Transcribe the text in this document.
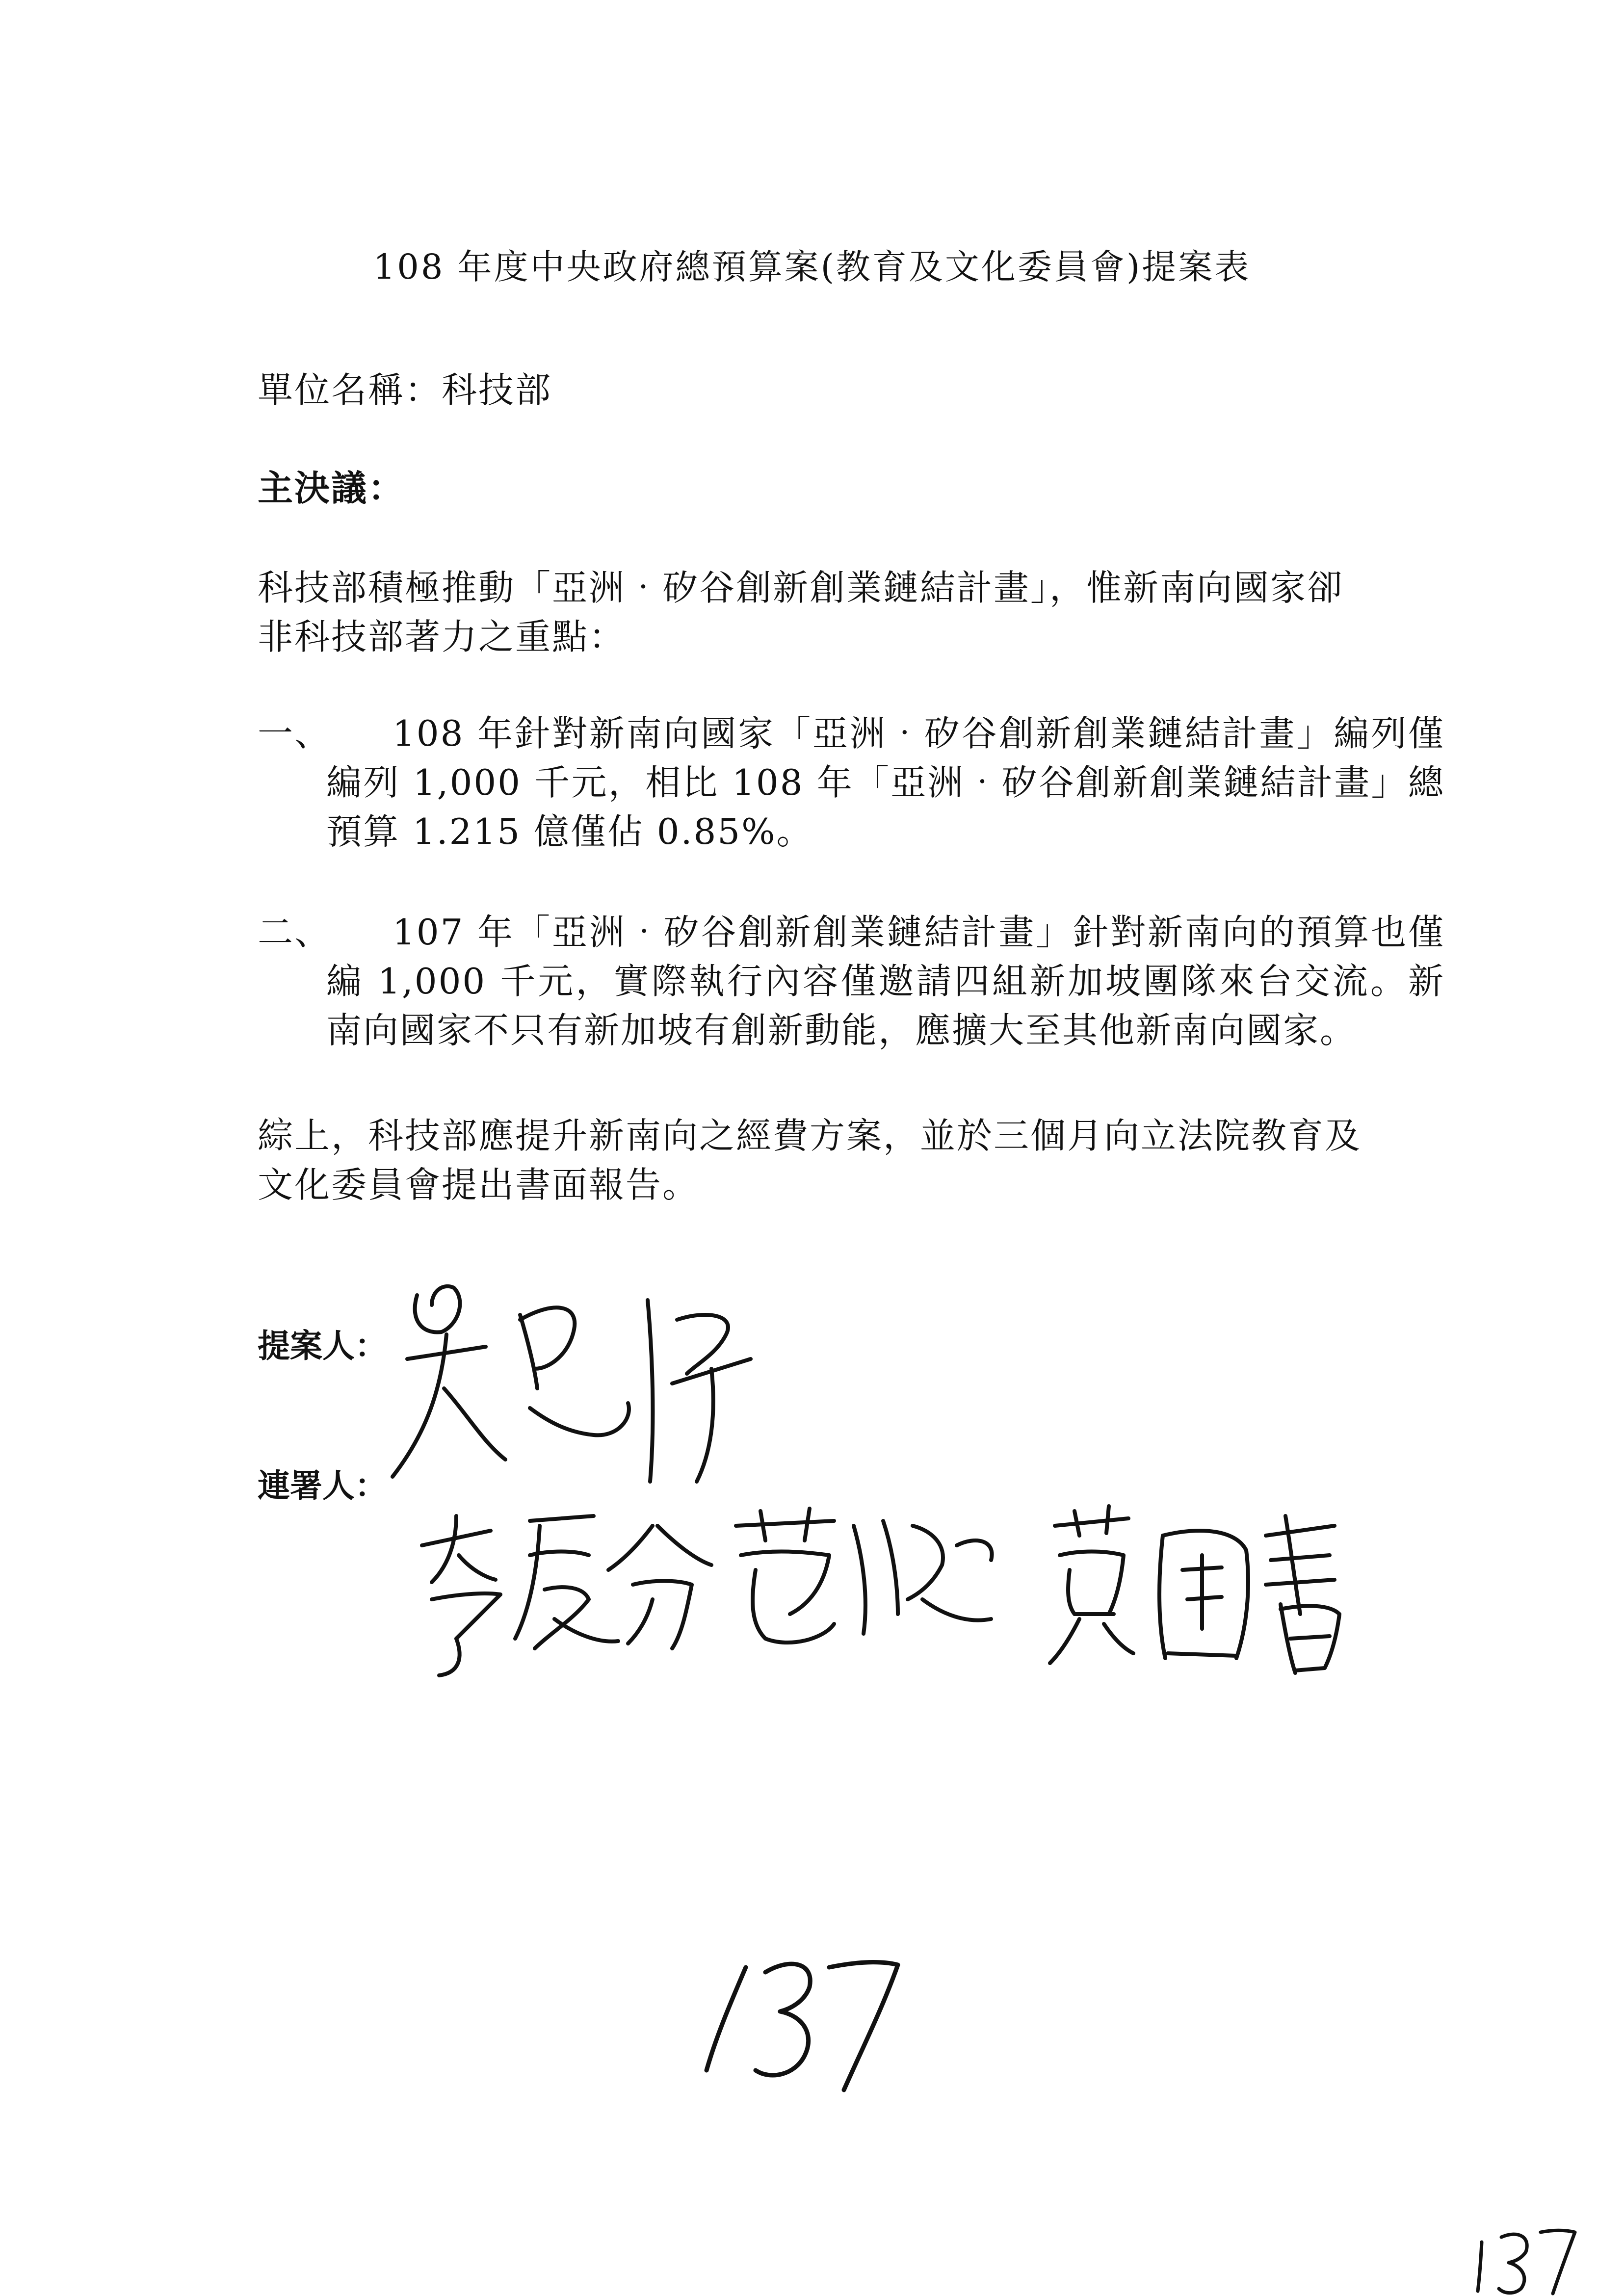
108 年度中央政府總預算案(教育及文化委員會)提案表
單位名稱：科技部
主決議：
科技部積極推動「亞洲‧矽谷創新創業鏈結計畫」，惟新南向國家卻
非科技部著力之重點：
一、	108 年針對新南向國家「亞洲‧矽谷創新創業鏈結計畫」編列僅編列 1,000 千元，相比 108 年「亞洲‧矽谷創新創業鏈結計畫」總預算 1.215 億僅佔 0.85%。
二、	107 年「亞洲‧矽谷創新創業鏈結計畫」針對新南向的預算也僅編 1,000 千元，實際執行內容僅邀請四組新加坡團隊來台交流。新南向國家不只有新加坡有創新動能，應擴大至其他新南向國家。
綜上，科技部應提升新南向之經費方案，並於三個月向立法院教育及
文化委員會提出書面報告。
提案人：
連署人：
